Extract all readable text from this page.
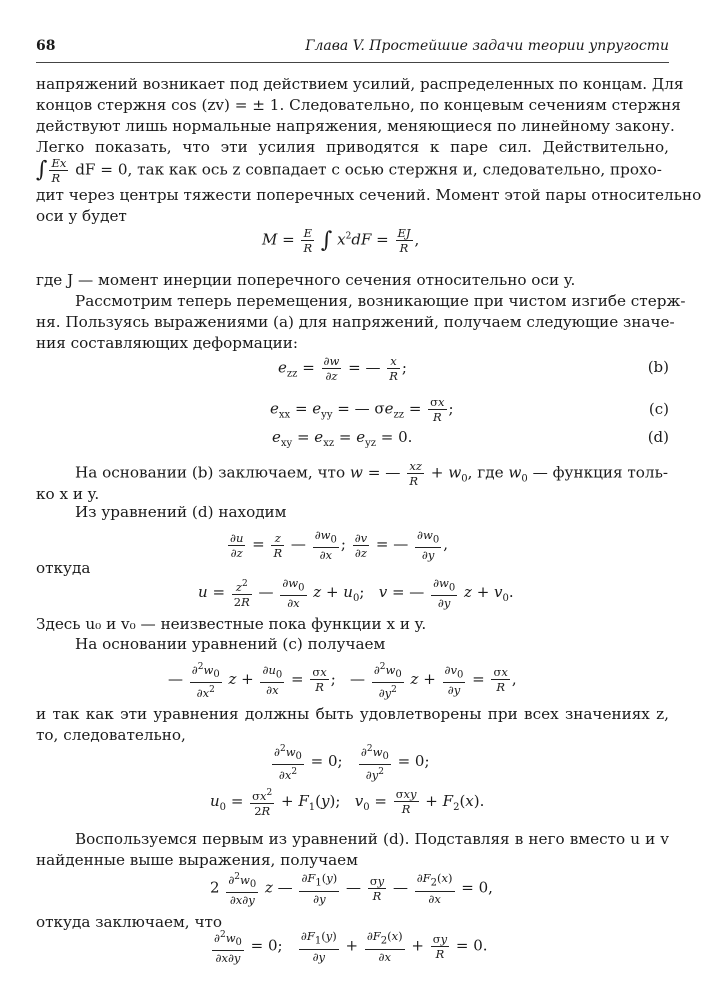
68	Глава V. Простейшие задачи теории упругости
напряжений возникает под действием усилий, распределенных по концам. Для
концов стержня cos (zv) = ± 1. Следовательно, по концевым сечениям стержня
действуют лишь нормальные напряжения, меняющиеся по линейному закону.
Легко показать, что эти усилия приводятся к паре сил. Действительно,
∫ $\frac{Ex}{R}$ dF = 0, так как ось z совпадает с осью стержня и, следовательно, прохо-
дит через центры тяжести поперечных сечений. Момент этой пары относительно
оси y будет
$M = \frac{E}{R}$ ∫ $x^2dF = \frac{EJ}{R}$ ,
где J — момент инерции поперечного сечения относительно оси y.
Рассмотрим теперь перемещения, возникающие при чистом изгибе стерж-
ня. Пользуясь выражениями (a) для напряжений, получаем следующие значе-
ния составляющих деформации:
$e_{zz} = \frac{\partial w}{\partial z}$ = — $\frac{x}{R}$ ;	(b)
$e_{xx} = e_{yy}$ = — $\sigma e_{zz} = \frac{\sigma x}{R}$ ;	(c)
$e_{xy} = e_{xz} = e_{yz} = 0$.	(d)
На основании (b) заключаем, что w = — $\frac{xz}{R} + w_0$, где $w_0$ — функция толь-
ко x и y.
Из уравнений (d) находим
$\frac{\partial u}{\partial z} = \frac{z}{R}$ — $\frac{\partial w0}{\partial x}$ ; $\frac{\partial v}{\partial z}$ = — $\frac{\partial w0}{\partial y}$ ,
откуда
$u = \frac{z^2}{2R}$ — $\frac{\partial w0}{\partial x}$ $z + u_0$;   v = — $\frac{\partial w0}{\partial y}$ $z + v_0$.
Здесь u₀ и v₀ — неизвестные пока функции x и y.
На основании уравнений (c) получаем
— $\frac{\partial^2w0}{\partial x^2}$ $z + \frac{\partial u0}{\partial x} = \frac{\sigma x}{R}$ ;   — $\frac{\partial^2w0}{\partial y^2}$ $z + \frac{\partial v0}{\partial y} = \frac{\sigma x}{R}$ ,
и так как эти уравнения должны быть удовлетворены при всех значениях z,
то, следовательно,
$\frac{\partial^2w0}{\partial x^2} = 0$; $\frac{\partial^2w0}{\partial y^2} = 0$;
$u_0 = \frac{\sigma x^2}{2R} + F_1(y)$;   $v_0 = \frac{\text{σxy}}{R} + F_2(x)$.
Воспользуемся первым из уравнений (d). Подставляя в него вместо u и v
найденные выше выражения, получаем
$2 \frac{\partial^2w0}{\partial x\partial y}$ z — $\frac{\partial F1(y)}{\partial y}$ — $\frac{\sigma y}{R}$ — $\frac{\partial F2(x)}{\partial x} = 0$,
откуда заключаем, что
$\frac{\partial^2w0}{\partial x\partial y} = 0$; $\frac{\partial F1(y)}{\partial y} + \frac{\partial F2(x)}{\partial x} + \frac{\sigma y}{R} = 0$.
